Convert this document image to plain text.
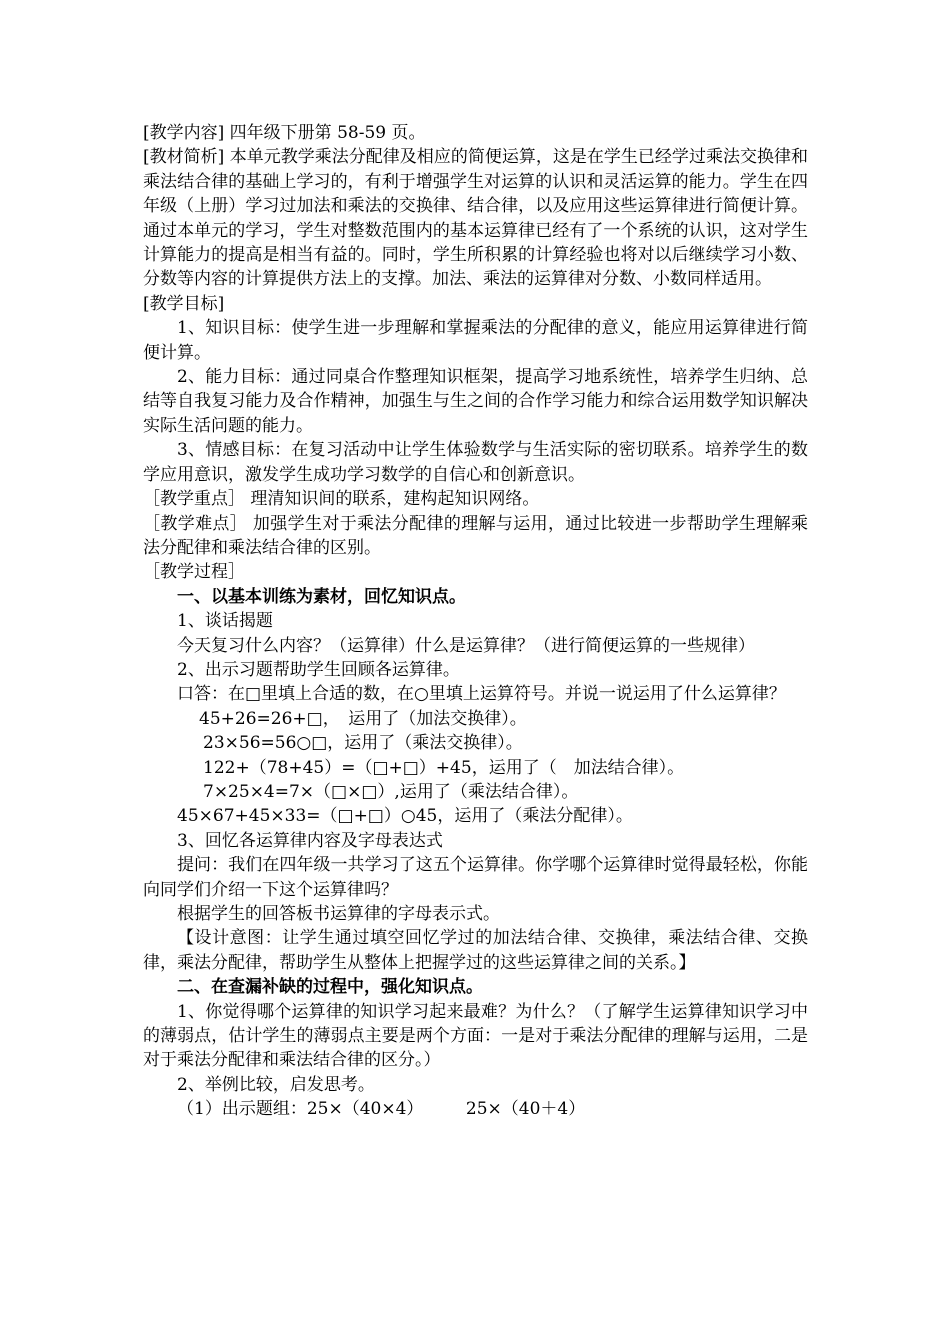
[教学内容] 四年级下册第 58-59 页。

[教材简析] 本单元教学乘法分配律及相应的简便运算，这是在学生已经学过乘法交换律和乘法结合律的基础上学习的，有利于增强学生对运算的认识和灵活运算的能力。学生在四年级（上册）学习过加法和乘法的交换律、结合律，以及应用这些运算律进行简便计算。通过本单元的学习，学生对整数范围内的基本运算律已经有了一个系统的认识，这对学生计算能力的提高是相当有益的。同时，学生所积累的计算经验也将对以后继续学习小数、分数等内容的计算提供方法上的支撑。加法、乘法的运算律对分数、小数同样适用。

[教学目标]

1、知识目标：使学生进一步理解和掌握乘法的分配律的意义，能应用运算律进行简便计算。

2、能力目标：通过同桌合作整理知识框架，提高学习地系统性，培养学生归纳、总结等自我复习能力及合作精神，加强生与生之间的合作学习能力和综合运用数学知识解决实际生活问题的能力。

3、情感目标：在复习活动中让学生体验数学与生活实际的密切联系。培养学生的数学应用意识，激发学生成功学习数学的自信心和创新意识。

［教学重点］ 理清知识间的联系，建构起知识网络。

［教学难点］ 加强学生对于乘法分配律的理解与运用，通过比较进一步帮助学生理解乘法分配律和乘法结合律的区别。

［教学过程］

一、以基本训练为素材，回忆知识点。

1、谈话揭题

今天复习什么内容？（运算律）什么是运算律？（进行简便运算的一些规律）

2、出示习题帮助学生回顾各运算律。

口答：在□里填上合适的数，在○里填上运算符号。并说一说运用了什么运算律？

45+26=26+□，　运用了（加法交换律）。

23×56=56○□，运用了（乘法交换律）。

122+（78+45）=（□+□）+45，运用了（　加法结合律）。

7×25×4=7×（□×□）,运用了（乘法结合律）。

45×67+45×33=（□+□）○45，运用了（乘法分配律）。

3、回忆各运算律内容及字母表达式

提问：我们在四年级一共学习了这五个运算律。你学哪个运算律时觉得最轻松，你能向同学们介绍一下这个运算律吗？

根据学生的回答板书运算律的字母表示式。

【设计意图：让学生通过填空回忆学过的加法结合律、交换律，乘法结合律、交换律，乘法分配律，帮助学生从整体上把握学过的这些运算律之间的关系。】

二、在查漏补缺的过程中，强化知识点。

1、你觉得哪个运算律的知识学习起来最难？为什么？（了解学生运算律知识学习中的薄弱点，估计学生的薄弱点主要是两个方面：一是对于乘法分配律的理解与运用，二是对于乘法分配律和乘法结合律的区分。）

2、举例比较，启发思考。

（1）出示题组：25×（40×4）　　　25×（40＋4）
